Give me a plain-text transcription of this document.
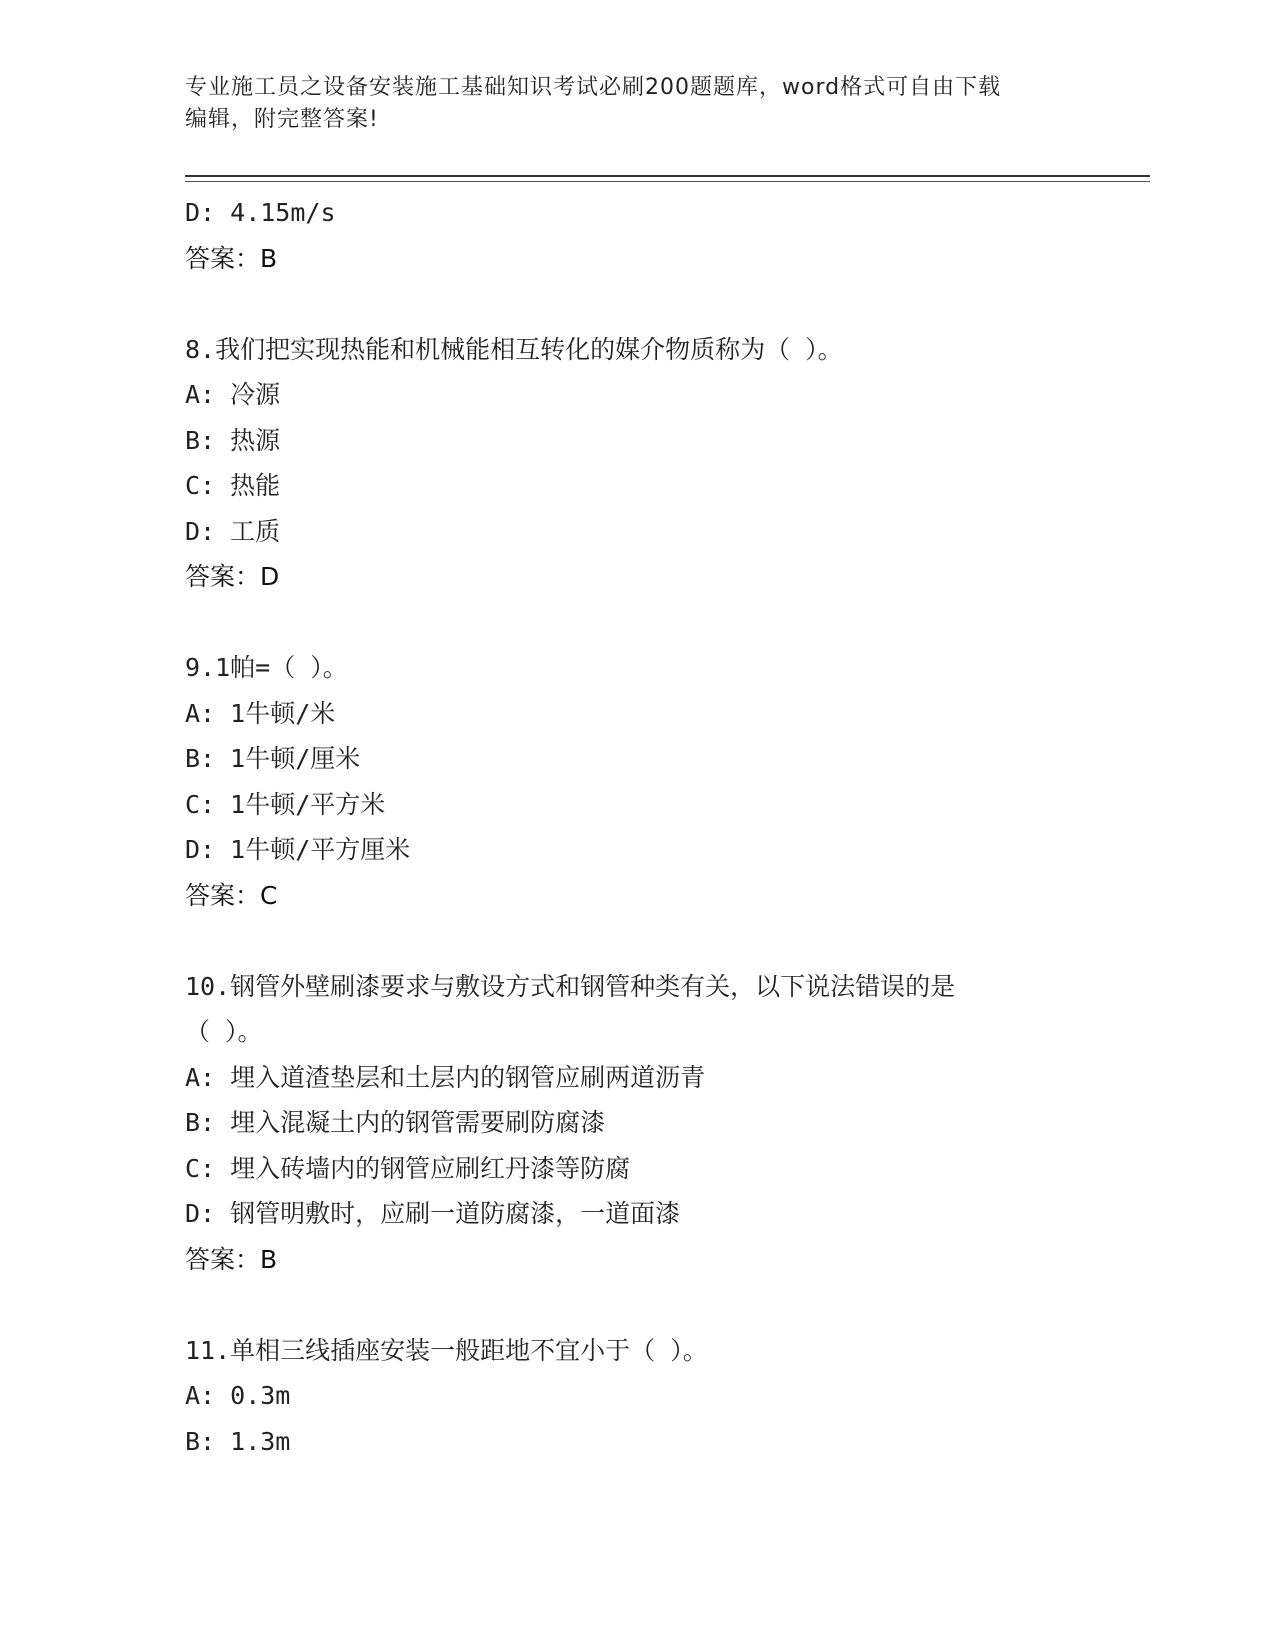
专业施工员之设备安装施工基础知识考试必刷200题题库，word格式可自由下载
编辑，附完整答案!
D: 4.15m/s
答案：B
8.我们把实现热能和机械能相互转化的媒介物质称为（ ）。
A: 冷源
B: 热源
C: 热能
D: 工质
答案：D
9.1帕=（ ）。
A: 1牛顿/米
B: 1牛顿/厘米
C: 1牛顿/平方米
D: 1牛顿/平方厘米
答案：C
10.钢管外壁刷漆要求与敷设方式和钢管种类有关，以下说法错误的是
（ ）。
A: 埋入道渣垫层和土层内的钢管应刷两道沥青
B: 埋入混凝土内的钢管需要刷防腐漆
C: 埋入砖墙内的钢管应刷红丹漆等防腐
D: 钢管明敷时，应刷一道防腐漆，一道面漆
答案：B
11.单相三线插座安装一般距地不宜小于（ ）。
A: 0.3m
B: 1.3m
